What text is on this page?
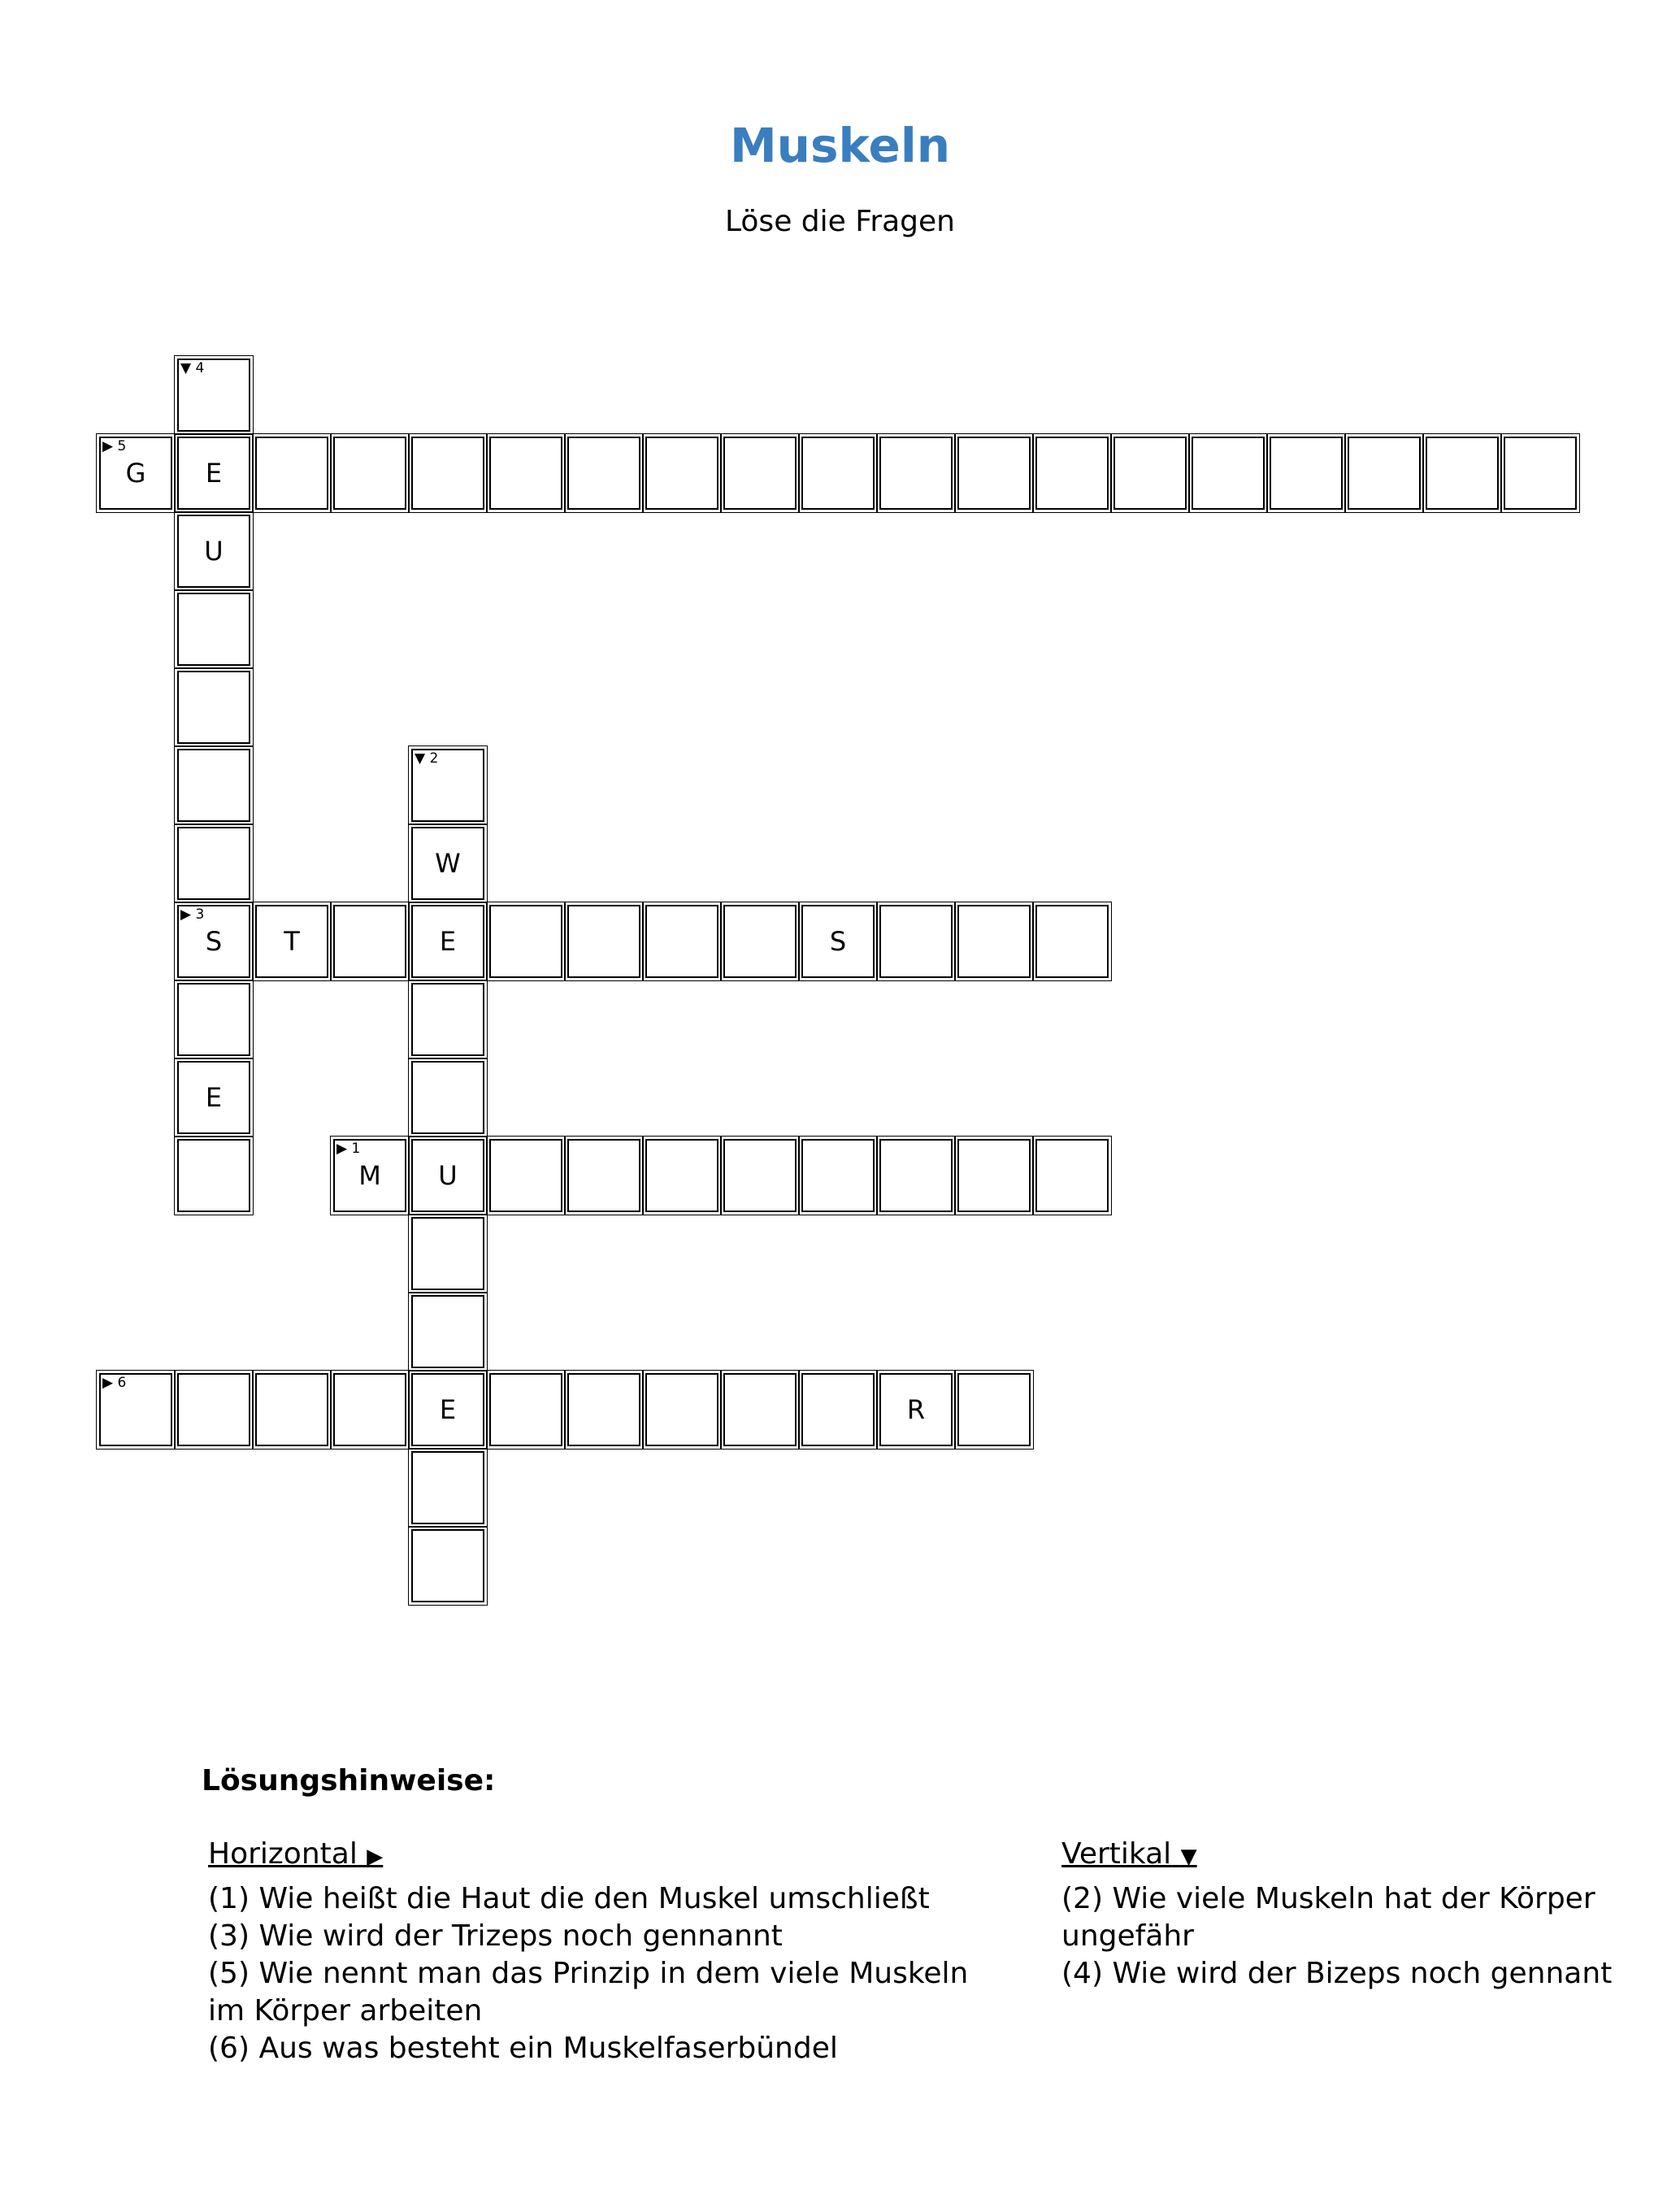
Muskeln
Löse die Fragen
▼ 4
▶ 5
G	E
U
▼ 2
W
▶ 3
S	T	E	S
E
▶ 1
M	U
▶ 6
E	R
Lösungshinweise:
Horizontal ▶

(1) Wie heißt die Haut die den Muskel umschließt

(3) Wie wird der Trizeps noch gennannt

(5) Wie nennt man das Prinzip in dem viele Muskeln im Körper arbeiten

(6) Aus was besteht ein Muskelfaserbündel

Vertikal ▼

(2) Wie viele Muskeln hat der Körper ungefähr

(4) Wie wird der Bizeps noch gennant
